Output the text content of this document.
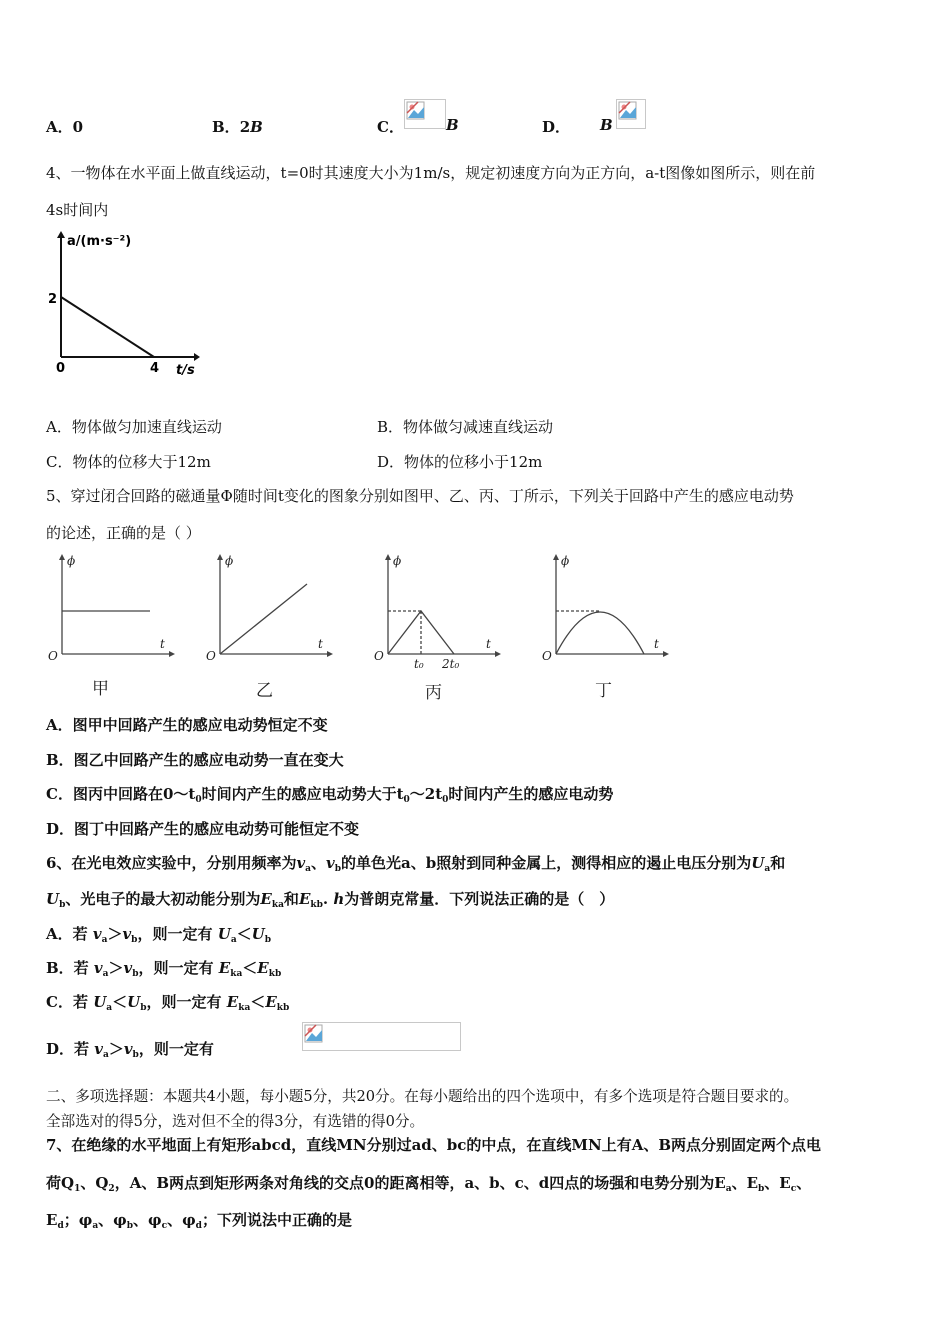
A．0	B．2B	C．
	B	D．
B
4、一物体在水平面上做直线运动，t=0时其速度大小为1m/s，规定初速度方向为正方向，a-t图像如图所示，则在前
4s时间内
a/(m·s⁻²)
2
0	4 t/s
A．物体做匀加速直线运动	B．物体做匀减速直线运动
C．物体的位移大于12m	D．物体的位移小于12m
5、穿过闭合回路的磁通量Φ随时间t变化的图象分别如图甲、乙、丙、丁所示，下列关于回路中产生的感应电动势
的论述，正确的是（ ）
ϕ
t
O
ϕ
t
O
ϕ
t
O
t₀ 2t₀
ϕ
t
O
甲	乙	丙	丁
A．图甲中回路产生的感应电动势恒定不变
B．图乙中回路产生的感应电动势一直在变大
C．图丙中回路在$0\sim t_0$时间内产生的感应电动势大于$t_0\sim 2t_0$时间内产生的感应电动势
D．图丁中回路产生的感应电动势可能恒定不变
6、在光电效应实验中，分别用频率为$v_a$、$v_b$的单色光a、b照射到同种金属上，测得相应的遏止电压分别为$U_a$和
$U_b$、光电子的最大初动能分别为$E_{ka}$和$E_{kb}$. h为普朗克常量．下列说法正确的是（　）
A．若 $v_a>v_b$，则一定有 $U_a<U_b$
B．若 $v_a>v_b$，则一定有 $E_{ka}<E_{kb}$
C．若 $U_a<U_b$，则一定有 $E_{ka}<E_{kb}$
D．若 $v_a>v_b$，则一定有
二、多项选择题：本题共4小题，每小题5分，共20分。在每小题给出的四个选项中，有多个选项是符合题目要求的。
全部选对的得5分，选对但不全的得3分，有选错的得0分。
7、在绝缘的水平地面上有矩形abcd，直线MN分别过ad、bc的中点，在直线MN上有A、B两点分别固定两个点电
荷$Q_1$、$Q_2$，A、B两点到矩形两条对角线的交点0的距离相等，a、b、c、d四点的场强和电势分别为$E_a$、$E_b$、$E_c$、
$E_d$；$\varphi_a$、$\varphi_b$、$\varphi_c$、$\varphi_d$；下列说法中正确的是
